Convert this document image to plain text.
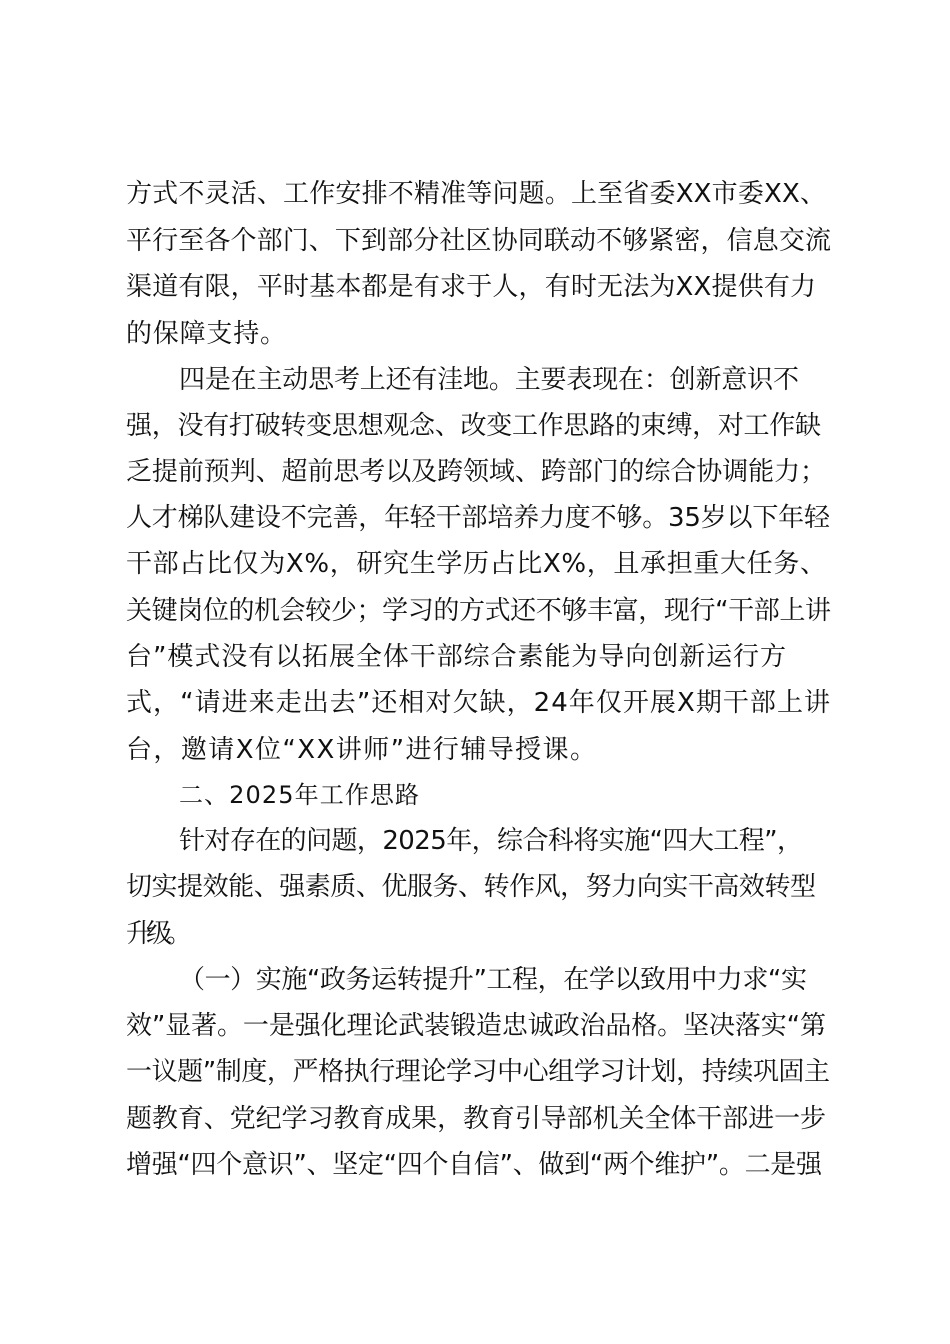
方式不灵活、工作安排不精准等问题。上至省委XX市委XX、
平行至各个部门、下到部分社区协同联动不够紧密，信息交流
渠道有限，平时基本都是有求于人，有时无法为XX提供有力
的保障支持。
四是在主动思考上还有洼地。主要表现在：创新意识不
强，没有打破转变思想观念、改变工作思路的束缚，对工作缺
乏提前预判、超前思考以及跨领域、跨部门的综合协调能力；
人才梯队建设不完善，年轻干部培养力度不够。35岁以下年轻
干部占比仅为X%，研究生学历占比X%，且承担重大任务、
关键岗位的机会较少；学习的方式还不够丰富，现行“干部上讲
台”模式没有以拓展全体干部综合素能为导向创新运行方
式，“请进来走出去”还相对欠缺，24年仅开展X期干部上讲
台，邀请X位“XX讲师”进行辅导授课。
二、2025年工作思路
针对存在的问题，2025年，综合科将实施“四大工程”，
切实提效能、强素质、优服务、转作风，努力向实干高效转型
升级。
（一）实施“政务运转提升”工程，在学以致用中力求“实
效”显著。一是强化理论武装锻造忠诚政治品格。坚决落实“第
一议题”制度，严格执行理论学习中心组学习计划，持续巩固主
题教育、党纪学习教育成果，教育引导部机关全体干部进一步
增强“四个意识”、坚定“四个自信”、做到“两个维护”。二是强
